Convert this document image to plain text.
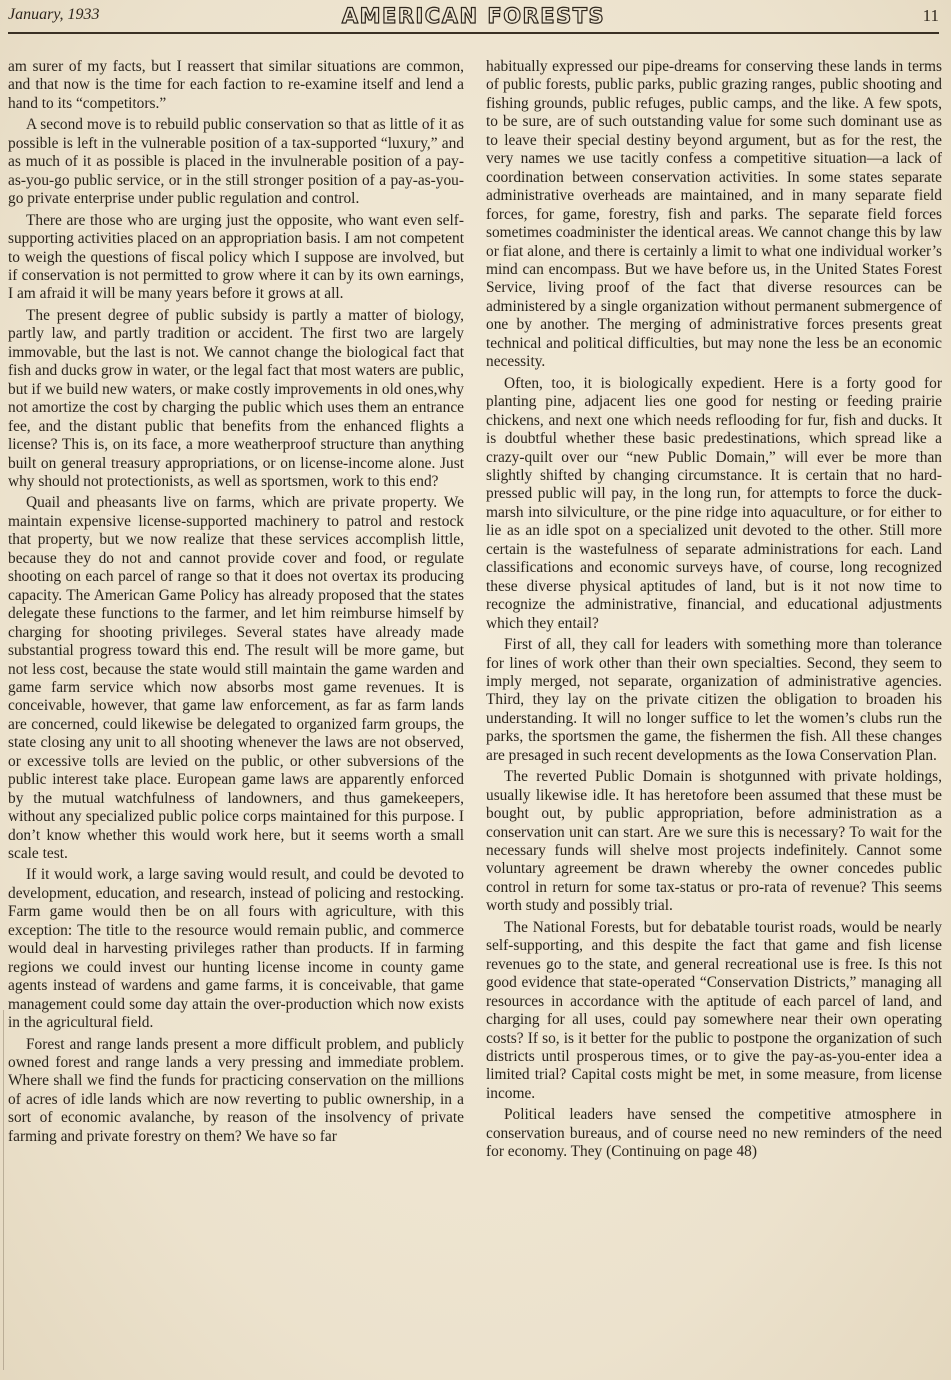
January, 1933	AMERICAN FORESTS	11

am surer of my facts, but I reassert that similar situations are common, and that now is the time for each faction to re-examine itself and lend a hand to its “competitors.”

A second move is to rebuild public conservation so that as little of it as possible is left in the vulnerable position of a tax-supported “luxury,” and as much of it as possible is placed in the invulnerable position of a pay-as-you-go public service, or in the still stronger position of a pay-as-you-go private enterprise under public regulation and control.

There are those who are urging just the opposite, who want even self-supporting activities placed on an appropriation basis. I am not competent to weigh the questions of fiscal policy which I suppose are involved, but if conservation is not permitted to grow where it can by its own earnings, I am afraid it will be many years before it grows at all.

The present degree of public subsidy is partly a matter of biology, partly law, and partly tradition or accident. The first two are largely immovable, but the last is not. We cannot change the biological fact that fish and ducks grow in water, or the legal fact that most waters are public, but if we build new waters, or make costly improvements in old ones,why not amortize the cost by charging the public which uses them an entrance fee, and the distant public that benefits from the enhanced flights a license? This is, on its face, a more weatherproof structure than anything built on general treasury appropriations, or on license-income alone. Just why should not protectionists, as well as sportsmen, work to this end?

Quail and pheasants live on farms, which are private property. We maintain expensive license-supported machinery to patrol and restock that property, but we now realize that these services accomplish little, because they do not and cannot provide cover and food, or regulate shooting on each parcel of range so that it does not overtax its producing capacity. The American Game Policy has already proposed that the states delegate these functions to the farmer, and let him reimburse himself by charging for shooting privileges. Several states have already made substantial progress toward this end. The result will be more game, but not less cost, because the state would still maintain the game warden and game farm service which now absorbs most game revenues. It is conceivable, however, that game law enforcement, as far as farm lands are concerned, could likewise be delegated to organized farm groups, the state closing any unit to all shooting whenever the laws are not observed, or excessive tolls are levied on the public, or other subversions of the public interest take place. European game laws are apparently enforced by the mutual watchfulness of landowners, and thus gamekeepers, without any specialized public police corps maintained for this purpose. I don’t know whether this would work here, but it seems worth a small scale test.

If it would work, a large saving would result, and could be devoted to development, education, and research, instead of policing and restocking. Farm game would then be on all fours with agriculture, with this exception: The title to the resource would remain public, and commerce would deal in harvesting privileges rather than products. If in farming regions we could invest our hunting license income in county game agents instead of wardens and game farms, it is conceivable, that game management could some day attain the over-production which now exists in the agricultural field.

Forest and range lands present a more difficult problem, and publicly owned forest and range lands a very pressing and immediate problem. Where shall we find the funds for practicing conservation on the millions of acres of idle lands which are now reverting to public ownership, in a sort of economic avalanche, by reason of the insolvency of private farming and private forestry on them? We have so far

habitually expressed our pipe-dreams for conserving these lands in terms of public forests, public parks, public grazing ranges, public shooting and fishing grounds, public refuges, public camps, and the like. A few spots, to be sure, are of such outstanding value for some such dominant use as to leave their special destiny beyond argument, but as for the rest, the very names we use tacitly confess a competitive situation—a lack of coordination between conservation activities. In some states separate administrative overheads are maintained, and in many separate field forces, for game, forestry, fish and parks. The separate field forces sometimes coadminister the identical areas. We cannot change this by law or fiat alone, and there is certainly a limit to what one individual worker’s mind can encompass. But we have before us, in the United States Forest Service, living proof of the fact that diverse resources can be administered by a single organization without permanent submergence of one by another. The merging of administrative forces presents great technical and political difficulties, but may none the less be an economic necessity.

Often, too, it is biologically expedient. Here is a forty good for planting pine, adjacent lies one good for nesting or feeding prairie chickens, and next one which needs reflooding for fur, fish and ducks. It is doubtful whether these basic predestinations, which spread like a crazy-quilt over our “new Public Domain,” will ever be more than slightly shifted by changing circumstance. It is certain that no hard-pressed public will pay, in the long run, for attempts to force the duck-marsh into silviculture, or the pine ridge into aquaculture, or for either to lie as an idle spot on a specialized unit devoted to the other. Still more certain is the wastefulness of separate administrations for each. Land classifications and economic surveys have, of course, long recognized these diverse physical aptitudes of land, but is it not now time to recognize the administrative, financial, and educational adjustments which they entail?

First of all, they call for leaders with something more than tolerance for lines of work other than their own specialties. Second, they seem to imply merged, not separate, organization of administrative agencies. Third, they lay on the private citizen the obligation to broaden his understanding. It will no longer suffice to let the women’s clubs run the parks, the sportsmen the game, the fishermen the fish. All these changes are presaged in such recent developments as the Iowa Conservation Plan.

The reverted Public Domain is shotgunned with private holdings, usually likewise idle. It has heretofore been assumed that these must be bought out, by public appropriation, before administration as a conservation unit can start. Are we sure this is necessary? To wait for the necessary funds will shelve most projects indefinitely. Cannot some voluntary agreement be drawn whereby the owner concedes public control in return for some tax-status or pro-rata of revenue? This seems worth study and possibly trial.

The National Forests, but for debatable tourist roads, would be nearly self-supporting, and this despite the fact that game and fish license revenues go to the state, and general recreational use is free. Is this not good evidence that state-operated “Conservation Districts,” managing all resources in accordance with the aptitude of each parcel of land, and charging for all uses, could pay somewhere near their own operating costs? If so, is it better for the public to postpone the organization of such districts until prosperous times, or to give the pay-as-you-enter idea a limited trial? Capital costs might be met, in some measure, from license income.

Political leaders have sensed the competitive atmosphere in conservation bureaus, and of course need no new reminders of the need for economy. They (Continuing on page 48)
